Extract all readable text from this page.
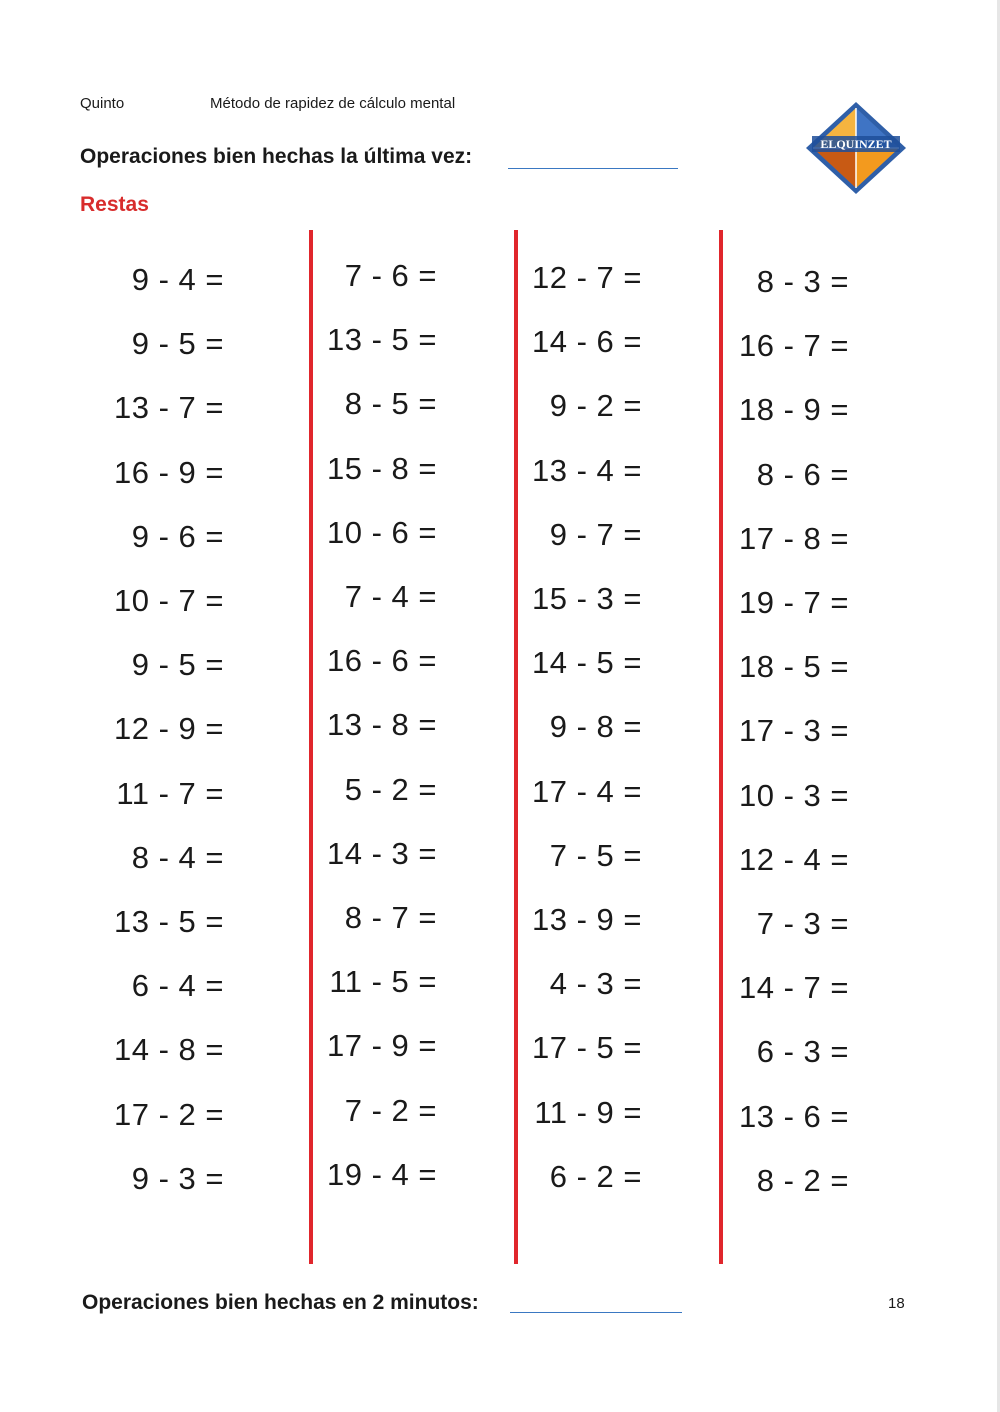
Quinto	Método de rapidez de cálculo mental
Operaciones bien hechas la última vez:
Restas
ELQUINZET
9 - 4 =
9 - 5 =
13 - 7 =
16 - 9 =
9 - 6 =
10 - 7 =
9 - 5 =
12 - 9 =
11 - 7 =
8 - 4 =
13 - 5 =
6 - 4 =
14 - 8 =
17 - 2 =
9 - 3 =
7 - 6 =
13 - 5 =
8 - 5 =
15 - 8 =
10 - 6 =
7 - 4 =
16 - 6 =
13 - 8 =
5 - 2 =
14 - 3 =
8 - 7 =
11 - 5 =
17 - 9 =
7 - 2 =
19 - 4 =
12 - 7 =
14 - 6 =
9 - 2 =
13 - 4 =
9 - 7 =
15 - 3 =
14 - 5 =
9 - 8 =
17 - 4 =
7 - 5 =
13 - 9 =
4 - 3 =
17 - 5 =
11 - 9 =
6 - 2 =
8 - 3 =
16 - 7 =
18 - 9 =
8 - 6 =
17 - 8 =
19 - 7 =
18 - 5 =
17 - 3 =
10 - 3 =
12 - 4 =
7 - 3 =
14 - 7 =
6 - 3 =
13 - 6 =
8 - 2 =
Operaciones bien hechas en 2 minutos:	18
